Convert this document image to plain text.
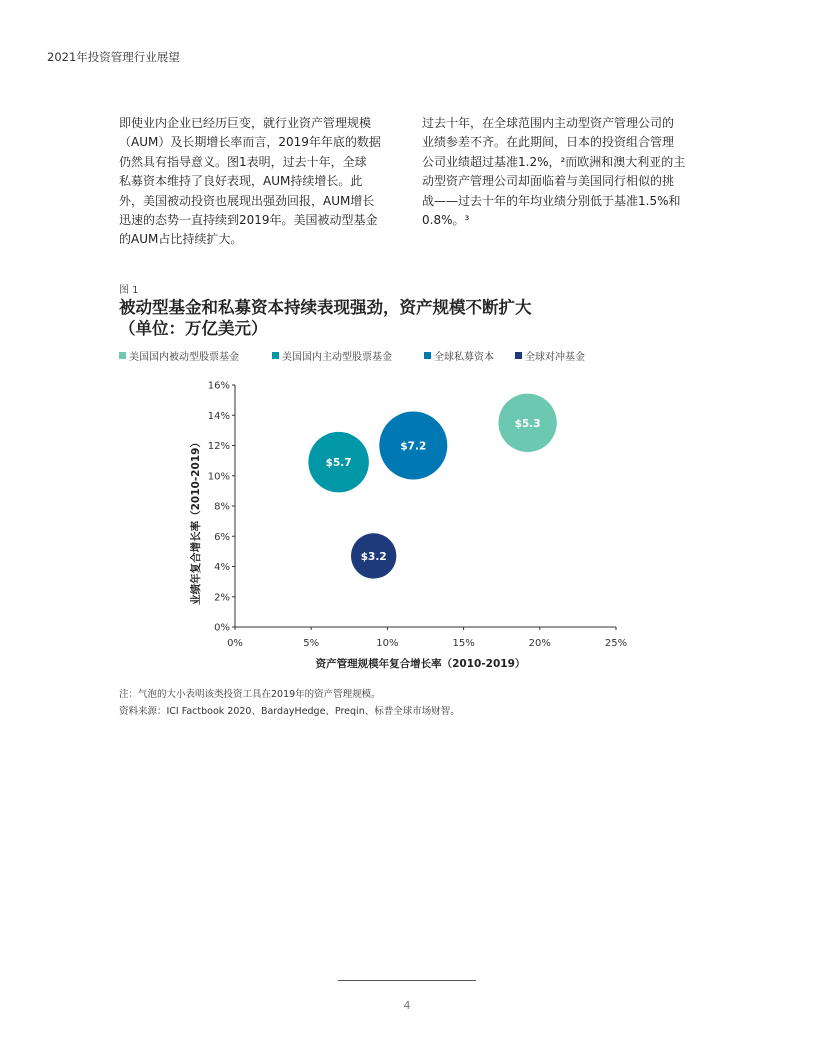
2021年投资管理行业展望
即使业内企业已经历巨变，就行业资产管理规模
（AUM）及长期增长率而言，2019年年底的数据
仍然具有指导意义。图1表明，过去十年，全球
私募资本维持了良好表现，AUM持续增长。此
外，美国被动投资也展现出强劲回报，AUM增长
迅速的态势一直持续到2019年。美国被动型基金
的AUM占比持续扩大。
过去十年，在全球范围内主动型资产管理公司的
业绩参差不齐。在此期间，日本的投资组合管理
公司业绩超过基准1.2%，²而欧洲和澳大利亚的主
动型资产管理公司却面临着与美国同行相似的挑
战——过去十年的年均业绩分别低于基准1.5%和
0.8%。³
图 1
被动型基金和私募资本持续表现强劲，资产规模不断扩大
（单位：万亿美元）
美国国内被动型股票基金	美国国内主动型股票基金	全球私募资本	全球对冲基金
0%
2%
4%
6%
8%
10%
12%
14%
16%
0%	5%	10%	15%	20%	25%
资产管理规模年复合增长率（2010-2019）
业绩年复合增长率（2010-2019）
$5.3
$5.7
$7.2
$3.2
注：气泡的大小表明该类投资工具在2019年的资产管理规模。
资料来源：ICI Factbook 2020、BardayHedge、Preqin、标普全球市场财智。
4
